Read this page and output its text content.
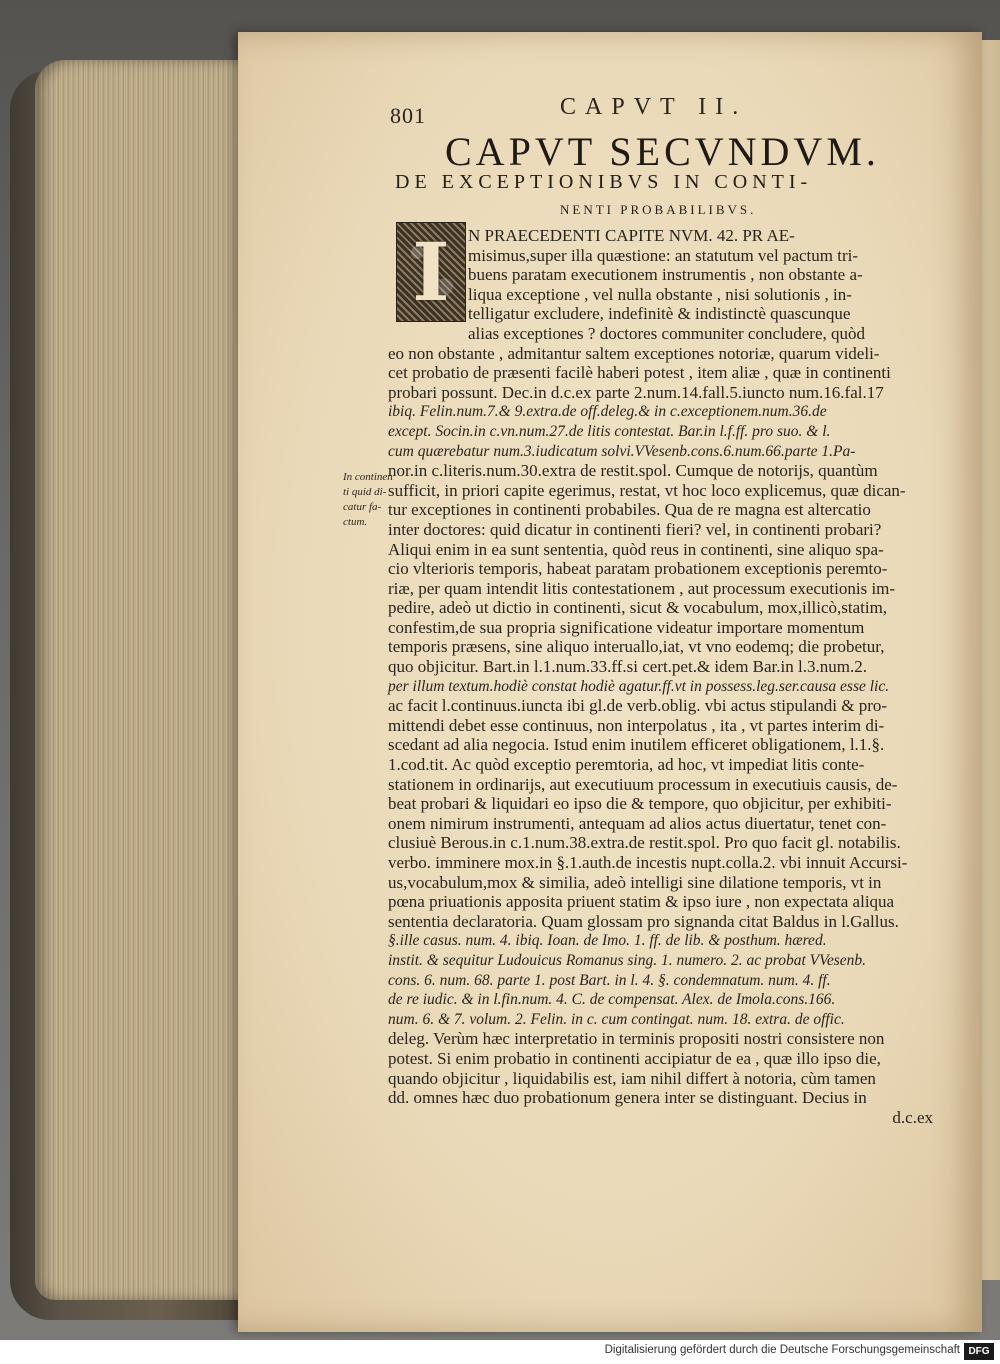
801	CAPVT II.
CAPVT SECVNDVM.
DE EXCEPTIONIBVS IN CONTI-
NENTI PROBABILIBVS.
I	N PRAECEDENTI CAPITE NVM. 42. PR AE-
misimus,super illa quæstione: an statutum vel pactum tri-
buens paratam executionem instrumentis , non obstante a-
liqua exceptione , vel nulla obstante , nisi solutionis , in-
telligatur excludere, indefinitè & indistinctè quascunque
alias exceptiones ? doctores communiter concludere, quòd
eo non obstante , admitantur saltem exceptiones notoriæ, quarum videli-
cet probatio de præsenti facilè haberi potest , item aliæ , quæ in continenti
probari possunt. Dec.in d.c.ex parte 2.num.14.fall.5.iuncto num.16.fal.17
ibiq. Felin.num.7.& 9.extra.de off.deleg.& in c.exceptionem.num.36.de
except. Socin.in c.vn.num.27.de litis contestat. Bar.in l.f.ff. pro suo. & l.
cum quærebatur num.3.iudicatum solvi.VVesenb.cons.6.num.66.parte 1.Pa-
nor.in c.literis.num.30.extra de restit.spol. Cumque de notorijs, quantùm
sufficit, in priori capite egerimus, restat, vt hoc loco explicemus, quæ dican-
tur exceptiones in continenti probabiles. Qua de re magna est altercatio
inter doctores: quid dicatur in continenti fieri? vel, in continenti probari?
Aliqui enim in ea sunt sententia, quòd reus in continenti, sine aliquo spa-
cio vlterioris temporis, habeat paratam probationem exceptionis peremto-
riæ, per quam intendit litis contestationem , aut processum executionis im-
pedire, adeò ut dictio in continenti, sicut & vocabulum, mox,illicò,statim,
confestim,de sua propria significatione videatur importare momentum
temporis præsens, sine aliquo interuallo,iat, vt vno eodemq; die probetur,
quo objicitur. Bart.in l.1.num.33.ff.si cert.pet.& idem Bar.in l.3.num.2.
per illum textum.hodiè constat hodiè agatur.ff.vt in possess.leg.ser.causa esse lic.
ac facit l.continuus.iuncta ibi gl.de verb.oblig. vbi actus stipulandi & pro-
mittendi debet esse continuus, non interpolatus , ita , vt partes interim di-
scedant ad alia negocia. Istud enim inutilem efficeret obligationem, l.1.§.
1.cod.tit. Ac quòd exceptio peremtoria, ad hoc, vt impediat litis conte-
stationem in ordinarijs, aut executiuum processum in executiuis causis, de-
beat probari & liquidari eo ipso die & tempore, quo objicitur, per exhibiti-
onem nimirum instrumenti, antequam ad alios actus diuertatur, tenet con-
clusiuè Berous.in c.1.num.38.extra.de restit.spol. Pro quo facit gl. notabilis.
verbo. imminere mox.in §.1.auth.de incestis nupt.colla.2. vbi innuit Accursi-
us,vocabulum,mox & similia, adeò intelligi sine dilatione temporis, vt in
pœna priuationis apposita priuent statim & ipso iure , non expectata aliqua
sententia declaratoria. Quam glossam pro signanda citat Baldus in l.Gallus.
§.ille casus. num. 4. ibiq. Ioan. de Imo. 1. ff. de lib. & posthum. hæred.
instit. & sequitur Ludouicus Romanus sing. 1. numero. 2. ac probat VVesenb.
cons. 6. num. 68. parte 1. post Bart. in l. 4. §. condemnatum. num. 4. ff.
de re iudic. & in l.fin.num. 4. C. de compensat. Alex. de Imola.cons.166.
num. 6. & 7. volum. 2. Felin. in c. cum contingat. num. 18. extra. de offic.
deleg. Verùm hæc interpretatio in terminis propositi nostri consistere non
potest. Si enim probatio in continenti accipiatur de ea , quæ illo ipso die,
quando objicitur , liquidabilis est, iam nihil differt à notoria, cùm tamen
dd. omnes hæc duo probationum genera inter se distinguant. Decius in
d.c.ex
In continen
ti quid di-
catur fa-
ctum.
Digitalisierung gefördert durch die Deutsche Forschungsgemeinschaft DFG
